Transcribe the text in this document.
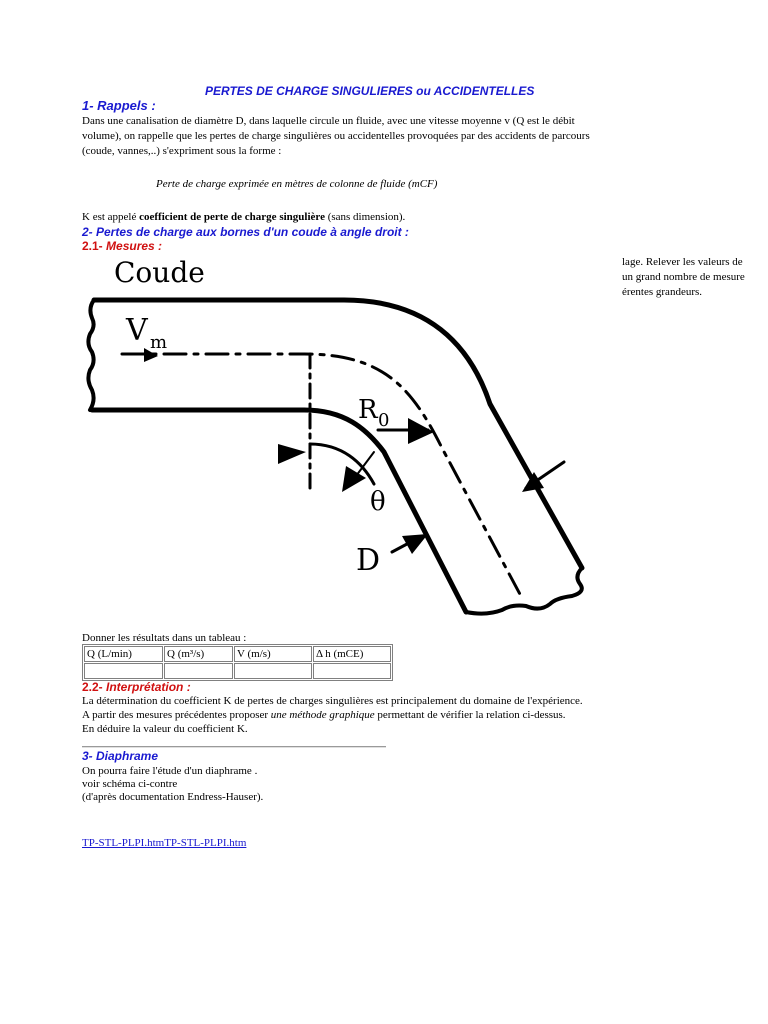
PERTES DE CHARGE SINGULIERES ou ACCIDENTELLES
1- Rappels :
Dans une canalisation de diamètre D, dans laquelle circule un fluide, avec une vitesse moyenne v (Q est le débit
volume), on rappelle que les pertes de charge singulières ou accidentelles provoquées par des accidents de parcours
(coude, vannes,..) s'expriment sous la forme :
Perte de charge exprimée en mètres de colonne de fluide (mCF)
K est appelé coefficient de perte de charge singulière (sans dimension).
2- Pertes de charge aux bornes d'un coude à angle droit :
2.1- Mesures :
lage. Relever les valeurs de
un grand nombre de mesure
érentes grandeurs.
Coude
V m
R 0
θ
D
Donner les résultats dans un tableau :
Q (L/min)	Q (m³/s)	V (m/s)	Δ h (mCE)

2.2- Interprétation :
La détermination du coefficient K de pertes de charges singulières est principalement du domaine de l'expérience.
A partir des mesures précédentes proposer une méthode graphique permettant de vérifier la relation ci-dessus.
En déduire la valeur du coefficient K.
3- Diaphrame
On pourra faire l'étude d'un diaphrame .
voir schéma ci-contre
(d'après documentation Endress-Hauser).
TP-STL-PLPI.htmTP-STL-PLPI.htm
